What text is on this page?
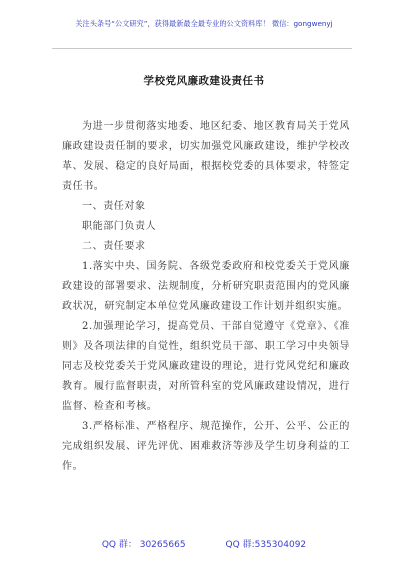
关注头条号“公文研究”，获得最新最全最专业的公文资料库！ 微信：gongwenyj
学校党风廉政建设责任书

为进一步贯彻落实地委、地区纪委、地区教育局关于党风廉政建设责任制的要求，切实加强党风廉政建设，维护学校改革、发展、稳定的良好局面，根据校党委的具体要求，特签定责任书。

一、责任对象

职能部门负责人

二、责任要求

1.落实中央、国务院、各级党委政府和校党委关于党风廉政建设的部署要求、法规制度，分析研究职责范围内的党风廉政状况，研究制定本单位党风廉政建设工作计划并组织实施。

2.加强理论学习，提高党员、干部自觉遵守《党章》、《准则》及各项法律的自觉性，组织党员干部、职工学习中央领导同志及校党委关于党风廉政建设的理论，进行党风党纪和廉政教育。履行监督职责，对所管科室的党风廉政建设情况，进行监督、检查和考核。

3.严格标准、严格程序、规范操作，公开、公平、公正的完成组织发展、评先评优、困难救济等涉及学生切身利益的工作。

QQ 群： 30265665	QQ 群:535304092
